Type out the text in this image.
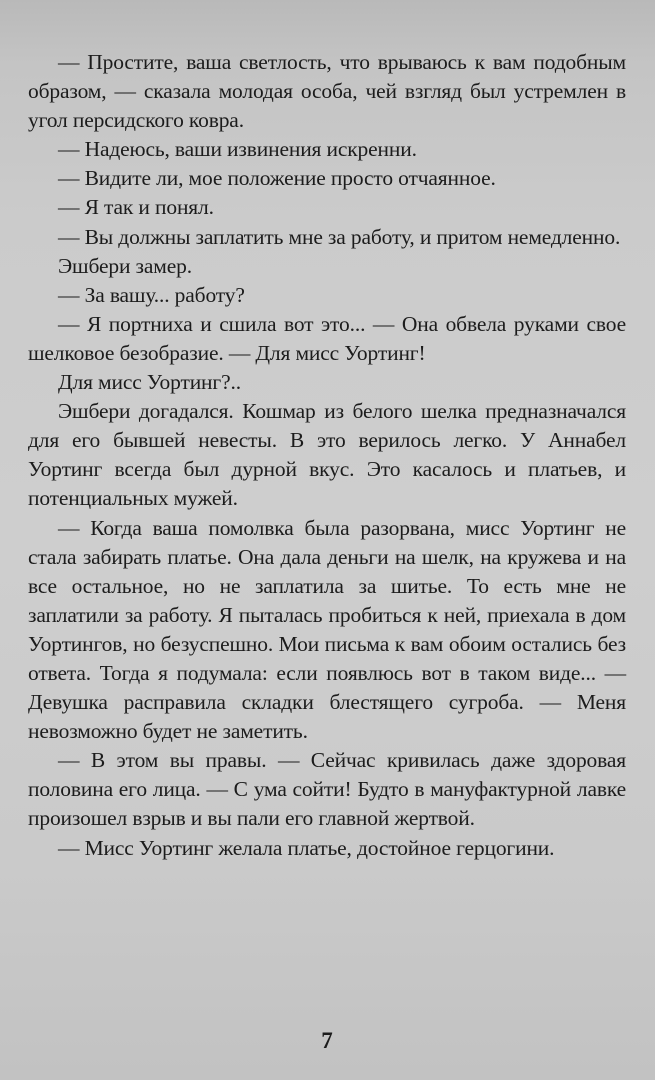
— Простите, ваша светлость, что врываюсь к вам подобным образом, — сказала молодая особа, чей взгляд был устремлен в угол персидского ковра.

— Надеюсь, ваши извинения искренни.

— Видите ли, мое положение просто отчаянное.

— Я так и понял.

— Вы должны заплатить мне за работу, и притом немедленно.

Эшбери замер.

— За вашу... работу?

— Я портниха и сшила вот это... — Она обвела руками свое шелковое безобразие. — Для мисс Уортинг!

Для мисс Уортинг?..

Эшбери догадался. Кошмар из белого шелка предназначался для его бывшей невесты. В это верилось легко. У Аннабел Уортинг всегда был дурной вкус. Это касалось и платьев, и потенциальных мужей.

— Когда ваша помолвка была разорвана, мисс Уортинг не стала забирать платье. Она дала деньги на шелк, на кружева и на все остальное, но не заплатила за шитье. То есть мне не заплатили за работу. Я пыталась пробиться к ней, приехала в дом Уортингов, но безуспешно. Мои письма к вам обоим остались без ответа. Тогда я подумала: если появлюсь вот в таком виде... — Девушка расправила складки блестящего сугроба. — Меня невозможно будет не заметить.

— В этом вы правы. — Сейчас кривилась даже здоровая половина его лица. — С ума сойти! Будто в мануфактурной лавке произошел взрыв и вы пали его главной жертвой.

— Мисс Уортинг желала платье, достойное герцогини.

7
